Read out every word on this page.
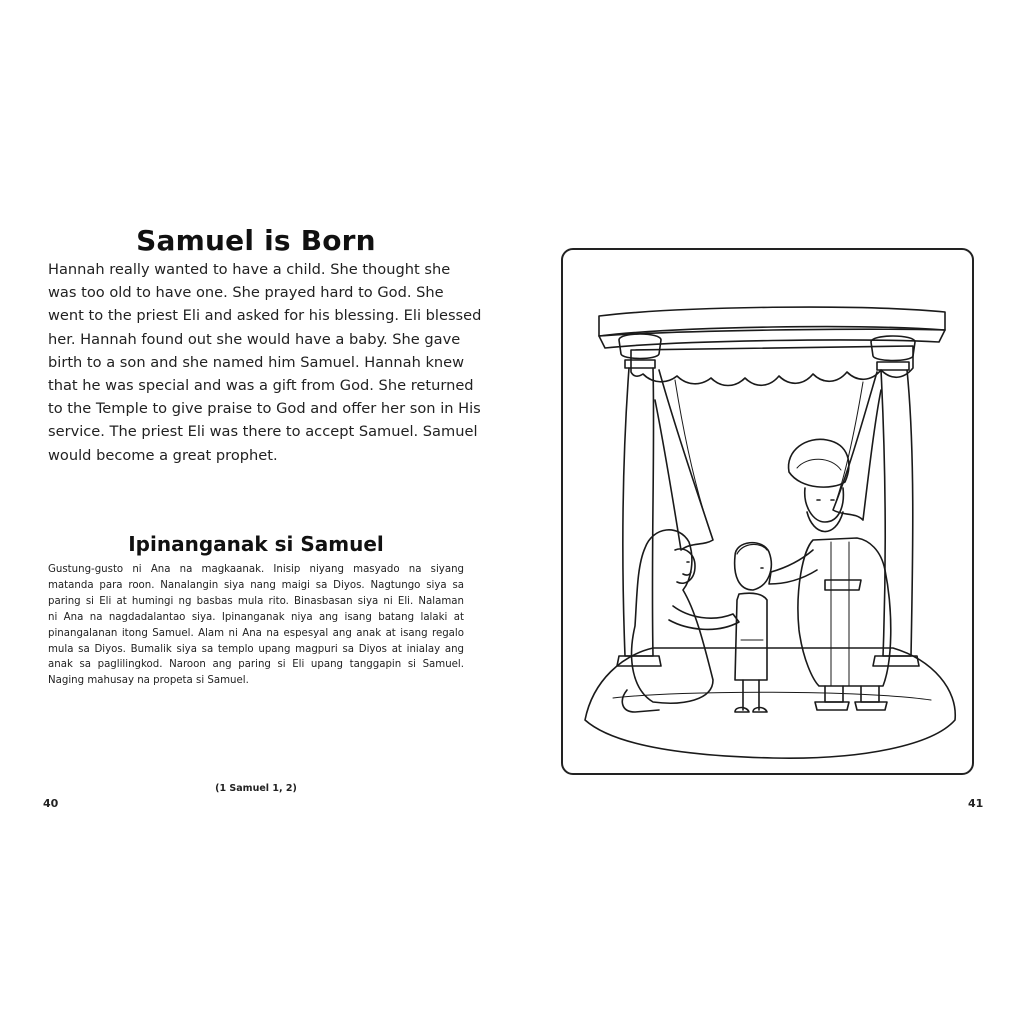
Samuel is Born
Hannah really wanted to have a child. She thought she
was too old to have one. She prayed hard to God. She
went to the priest Eli and asked for his blessing. Eli blessed
her. Hannah found out she would have a baby. She gave
birth to a son and she named him Samuel. Hannah knew
that he was special and was a gift from God. She returned
to the Temple to give praise to God and offer her son in His
service. The priest Eli was there to accept Samuel. Samuel
would become a great prophet.
Ipinanganak si Samuel
Gustung-gusto ni Ana na magkaanak. Inisip niyang masyado na siyang
matanda para roon. Nanalangin siya nang maigi sa Diyos. Nagtungo siya sa
paring si Eli at humingi ng basbas mula rito. Binasbasan siya ni Eli. Nalaman
ni Ana na nagdadalantao siya. Ipinanganak niya ang isang batang lalaki at
pinangalanan itong Samuel. Alam ni Ana na espesyal ang anak at isang regalo
mula sa Diyos. Bumalik siya sa templo upang magpuri sa Diyos at inialay ang
anak sa paglilingkod. Naroon ang paring si Eli upang tanggapin si Samuel.
Naging mahusay na propeta si Samuel.
(1 Samuel 1, 2)
40	41
